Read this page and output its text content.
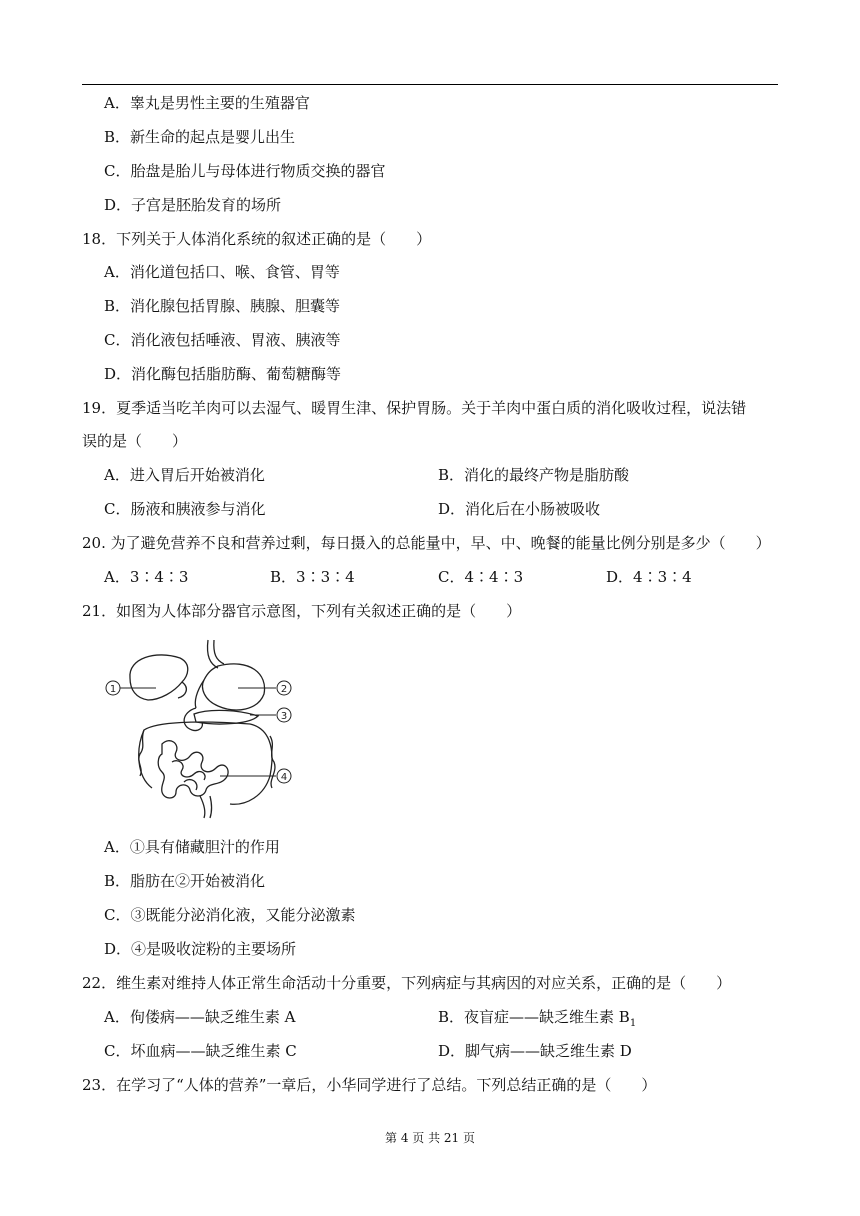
A．睾丸是男性主要的生殖器官
B．新生命的起点是婴儿出生
C．胎盘是胎儿与母体进行物质交换的器官
D．子宫是胚胎发育的场所
18．下列关于人体消化系统的叙述正确的是（　　）
A．消化道包括口、喉、食管、胃等
B．消化腺包括胃腺、胰腺、胆囊等
C．消化液包括唾液、胃液、胰液等
D．消化酶包括脂肪酶、葡萄糖酶等
19．夏季适当吃羊肉可以去湿气、暖胃生津、保护胃肠。关于羊肉中蛋白质的消化吸收过程，说法错
误的是（　　）
A．进入胃后开始被消化	B．消化的最终产物是脂肪酸
C．肠液和胰液参与消化	D．消化后在小肠被吸收
20. 为了避免营养不良和营养过剩，每日摄入的总能量中，早、中、晚餐的能量比例分别是多少（　　）
A．3∶4∶3	B．3∶3∶4	C．4∶4∶3	D．4∶3∶4
21．如图为人体部分器官示意图，下列有关叙述正确的是（　　）
1	2
3
4
A．①具有储藏胆汁的作用
B．脂肪在②开始被消化
C．③既能分泌消化液，又能分泌激素
D．④是吸收淀粉的主要场所
22．维生素对维持人体正常生命活动十分重要，下列病症与其病因的对应关系，正确的是（　　）
A．佝偻病——缺乏维生素 A	B．夜盲症——缺乏维生素 $B_1$
C．坏血病——缺乏维生素 C	D．脚气病——缺乏维生素 D
23．在学习了“人体的营养”一章后，小华同学进行了总结。下列总结正确的是（　　）
第 4 页 共 21 页
